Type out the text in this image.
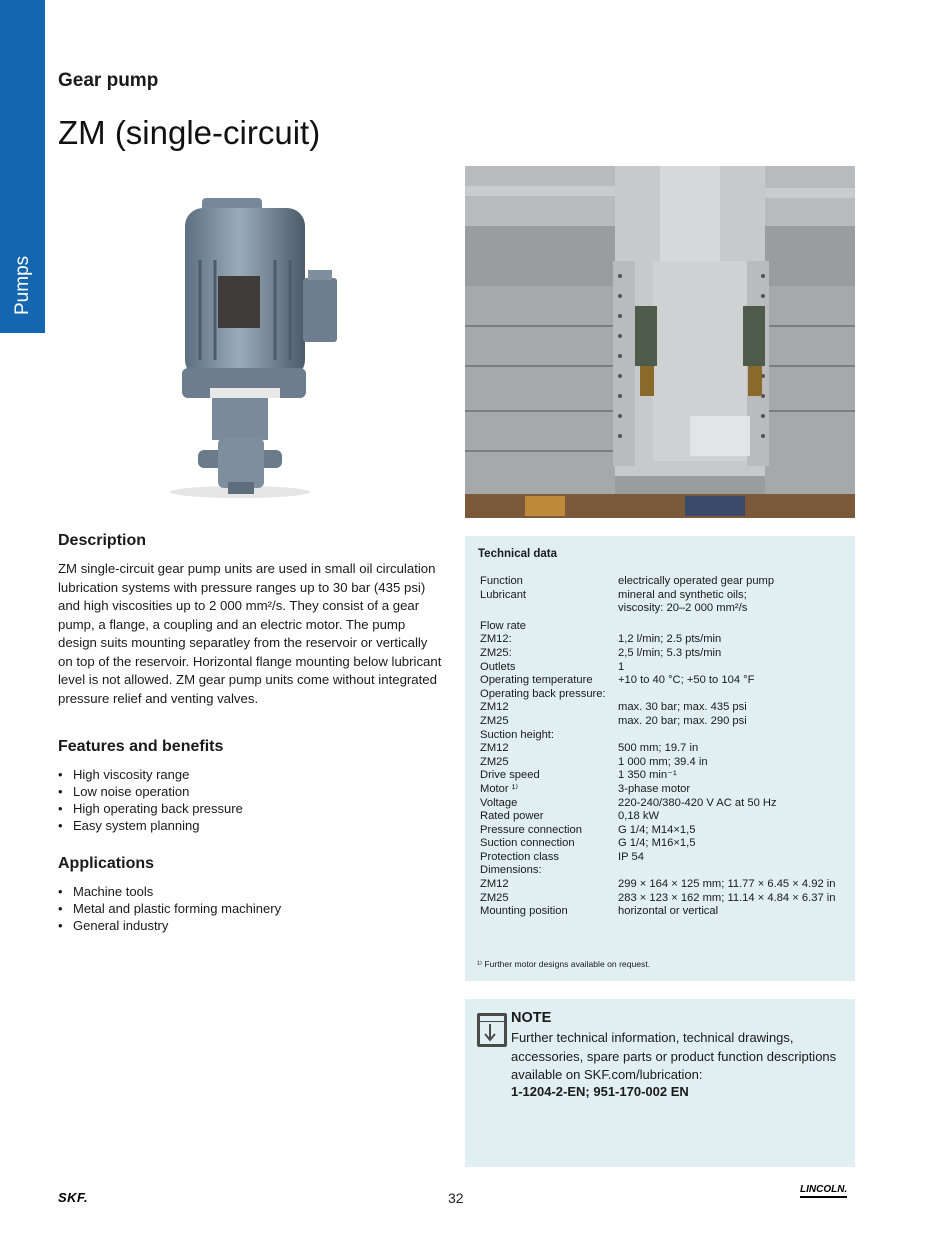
Pumps
Gear pump
ZM (single-circuit)
Description

ZM single-circuit gear pump units are used in small oil circulation lubrication systems with pressure ranges up to 30 bar (435 psi) and high viscosities up to 2 000 mm²/s. They consist of a gear pump, a flange, a coupling and an electric motor. The pump design suits mounting separatley from the reservoir or vertically on top of the reservoir. Horizontal flange mounting below lubricant level is not allowed. ZM gear pump units come without integrated pressure relief and venting valves.

Features and benefits
• High viscosity range
• Low noise operation
• High operating back pressure
• Easy system planning
Applications
• Machine tools
• Metal and plastic forming machinery
• General industry
Technical data
Function	electrically operated gear pump
Lubricant	mineral and synthetic oils;
viscosity: 20–2 000 mm²/s
Flow rate
ZM12:	1,2 l/min; 2.5 pts/min
ZM25:	2,5 l/min; 5.3 pts/min
Outlets	1
Operating temperature	+10 to 40 °C; +50 to 104 °F
Operating back pressure:
ZM12	max. 30 bar; max. 435 psi
ZM25	max. 20 bar; max. 290 psi
Suction height:
ZM12	500 mm; 19.7 in
ZM25	1 000 mm; 39.4 in
Drive speed	1 350 min⁻¹
Motor ¹⁾	3-phase motor
Voltage	220-240/380-420 V AC at 50 Hz
Rated power	0,18 kW
Pressure connection	G 1/4; M14×1,5
Suction connection	G 1/4; M16×1,5
Protection class	IP 54
Dimensions:
ZM12	299 × 164 × 125 mm; 11.77 × 6.45 × 4.92 in
ZM25	283 × 123 × 162 mm; 11.14 × 4.84 × 6.37 in
Mounting position	horizontal or vertical
¹⁾ Further motor designs available on request.
NOTE
Further technical information, technical drawings, accessories, spare parts or product function descriptions available on SKF.com/lubrication:
1-1204-2-EN; 951-170-002 EN
SKF.	32
LINCOLN.
